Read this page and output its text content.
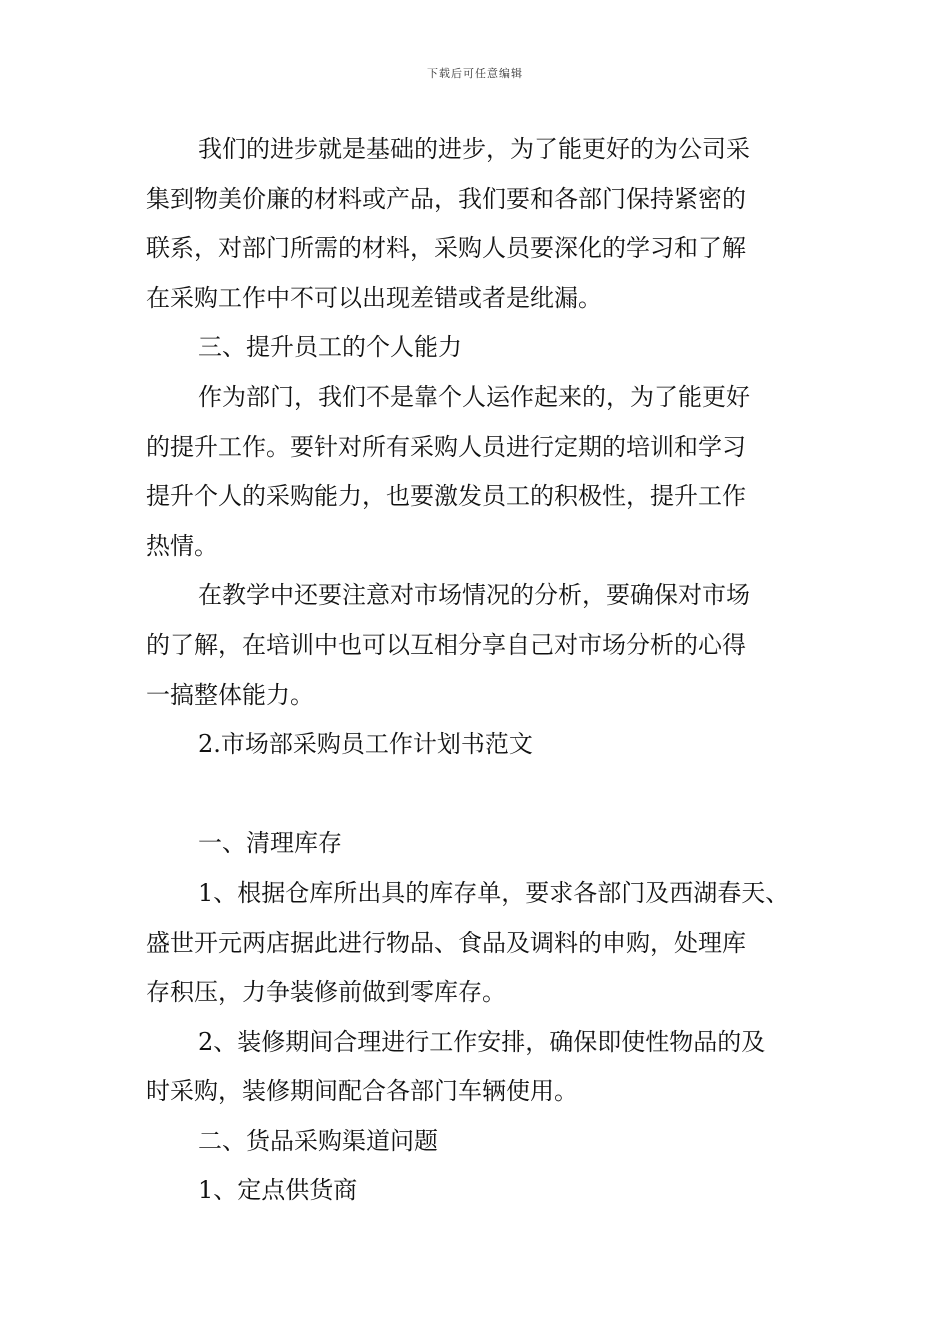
下载后可任意编辑
我们的进步就是基础的进步，为了能更好的为公司采
集到物美价廉的材料或产品，我们要和各部门保持紧密的
联系，对部门所需的材料，采购人员要深化的学习和了解
在采购工作中不可以出现差错或者是纰漏。
三、提升员工的个人能力
作为部门，我们不是靠个人运作起来的，为了能更好
的提升工作。要针对所有采购人员进行定期的培训和学习
提升个人的采购能力，也要激发员工的积极性，提升工作
热情。
在教学中还要注意对市场情况的分析，要确保对市场
的了解，在培训中也可以互相分享自己对市场分析的心得
一搞整体能力。
2.市场部采购员工作计划书范文
一、清理库存
1、根据仓库所出具的库存单，要求各部门及西湖春天、
盛世开元两店据此进行物品、食品及调料的申购，处理库
存积压，力争装修前做到零库存。
2、装修期间合理进行工作安排，确保即使性物品的及
时采购，装修期间配合各部门车辆使用。
二、货品采购渠道问题
1、定点供货商
